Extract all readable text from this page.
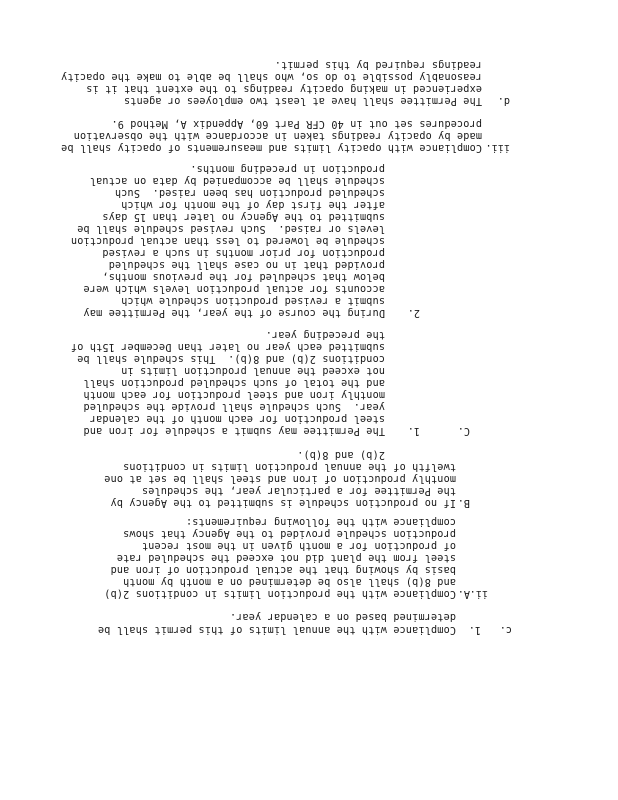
c.
1.
Compliance with the annual limits of this permit shall be
determined based on a calendar year.
ii.
A.
Compliance with the production limits in conditions 2(b)
and 8(b) shall also be determined on a month by month
basis by showing that the actual production of iron and
steel from the plant did not exceed the scheduled rate
of production for a month given in the most recent
production schedule provided to the Agency that shows
compliance with the following requirements:
B.
If no production schedule is submitted to the Agency by
the Permittee for a particular year, the schedules
monthly production of iron and steel shall be set at one
twelfth of the annual production limits in conditions
2(b) and 8(b).
C.
1.
The Permittee may submit a schedule for iron and
steel production for each month of the calendar
year.  Such schedule shall provide the scheduled
monthly iron and steel production for each month
and the total of such scheduled production shall
not exceed the annual production limits in
conditions 2(b) and 8(b).  This schedule shall be
submitted each year no later than December 15th of
the preceding year.
2.
During the course of the year, the Permittee may
submit a revised production schedule which
accounts for actual production levels which were
below that scheduled for the previous months,
provided that in no case shall the scheduled
production for prior months in such a revised
schedule be lowered to less than actual production
levels or raised.  Such revised schedule shall be
submitted to the Agency no later than 15 days
after the first day of the month for which
scheduled production has been raised.  Such
schedule shall be accompanied by data on actual
production in preceding months.
iii.
Compliance with opacity limits and measurements of opacity shall be
made by opacity readings taken in accordance with the observation
procedures set out in 40 CFR Part 60, Appendix A, Method 9.
d.
The Permittee shall have at least two employees or agents
experienced in making opacity readings to the extent that it is
reasonably possible to do so, who shall be able to make the opacity
readings required by this permit.
